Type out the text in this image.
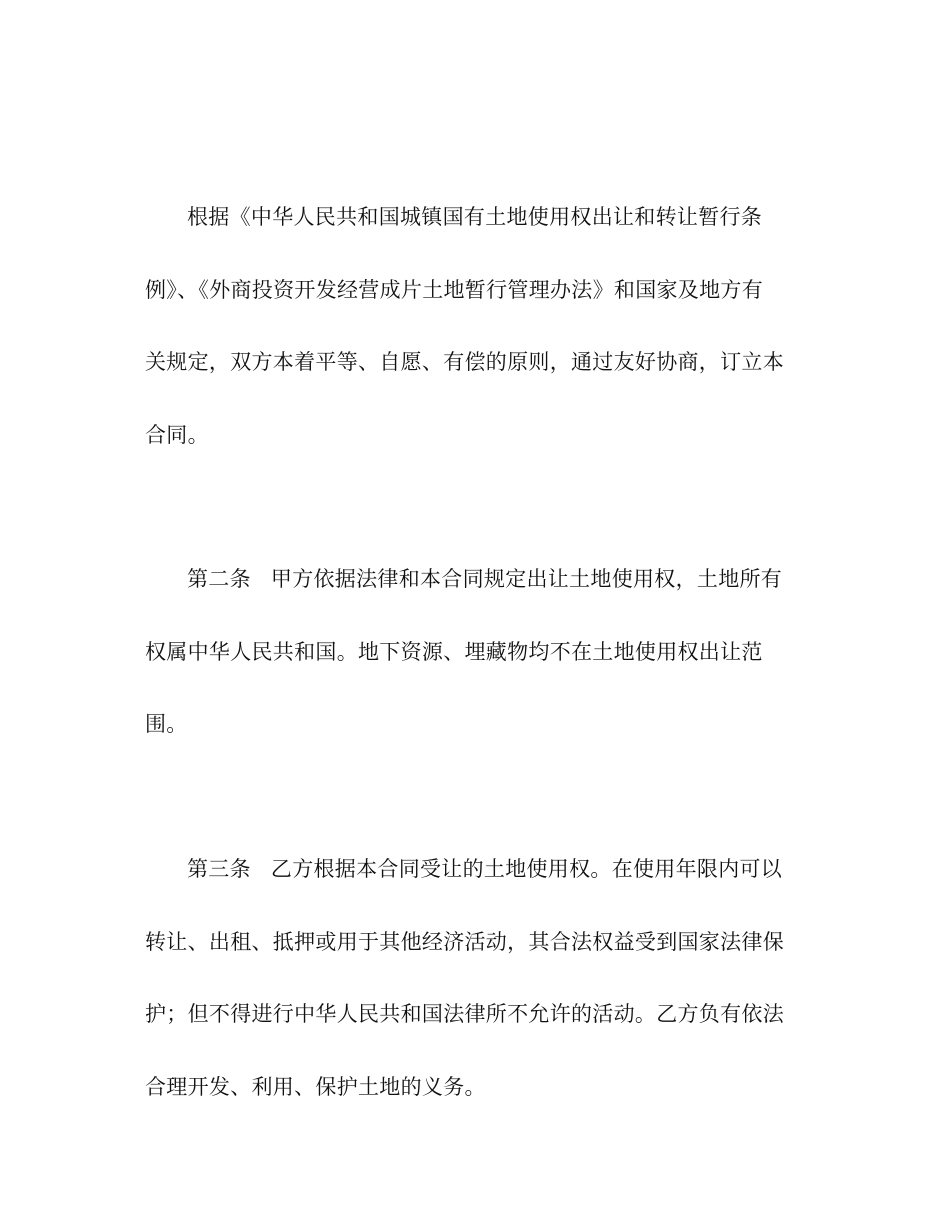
根据《中华人民共和国城镇国有土地使用权出让和转让暂行条
例》、《外商投资开发经营成片土地暂行管理办法》和国家及地方有
关规定，双方本着平等、自愿、有偿的原则，通过友好协商，订立本
合同。

第二条 甲方依据法律和本合同规定出让土地使用权，土地所有
权属中华人民共和国。地下资源、埋藏物均不在土地使用权出让范
围。

第三条 乙方根据本合同受让的土地使用权。在使用年限内可以
转让、出租、抵押或用于其他经济活动，其合法权益受到国家法律保
护；但不得进行中华人民共和国法律所不允许的活动。乙方负有依法
合理开发、利用、保护土地的义务。
